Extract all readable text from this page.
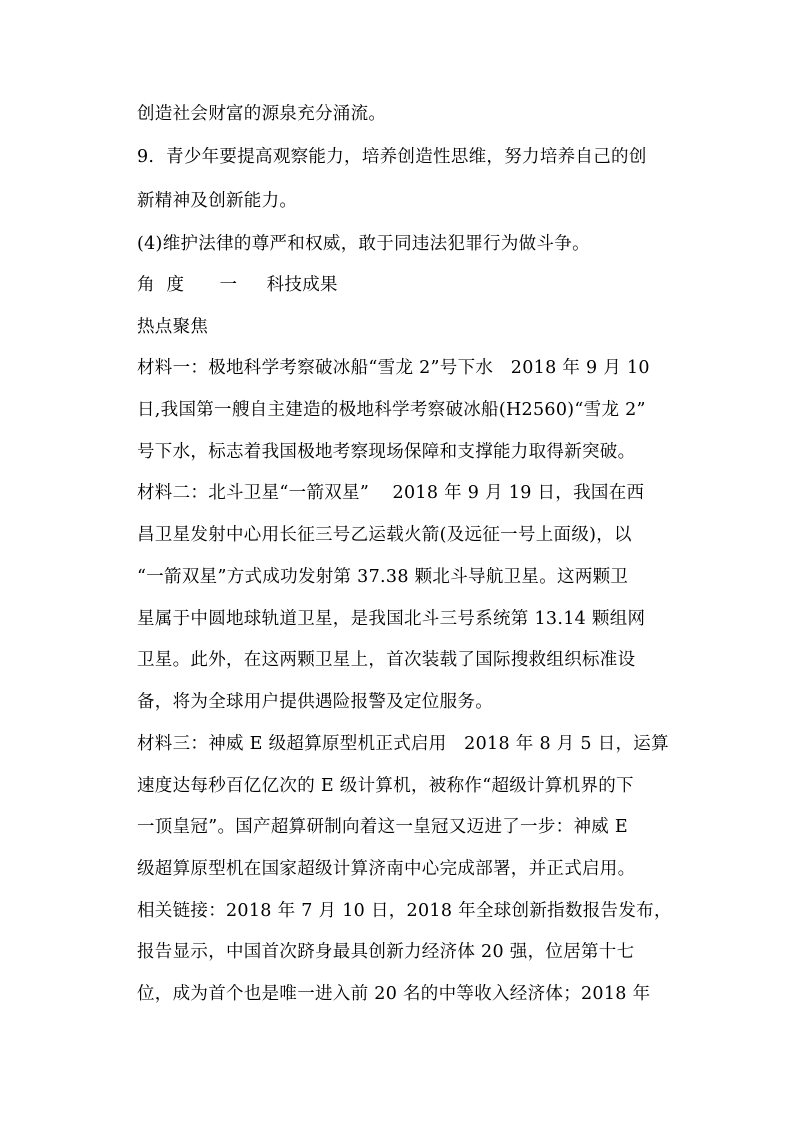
创造社会财富的源泉充分涌流。
9.  青少年要提高观察能力，培养创造性思维，努力培养自己的创
新精神及创新能力。
(4)维护法律的尊严和权威，敢于同违法犯罪行为做斗争。
角  度      一     科技成果
热点聚焦
材料一：极地科学考察破冰船“雪龙 2”号下水   2018 年 9 月 10
日,我国第一艘自主建造的极地科学考察破冰船(H2560)“雪龙 2”
号下水，标志着我国极地考察现场保障和支撑能力取得新突破。
材料二：北斗卫星“一箭双星”    2018 年 9 月 19 日，我国在西
昌卫星发射中心用长征三号乙运载火箭(及远征一号上面级)，以
“一箭双星”方式成功发射第 37.38 颗北斗导航卫星。这两颗卫
星属于中圆地球轨道卫星，是我国北斗三号系统第 13.14 颗组网
卫星。此外，在这两颗卫星上，首次装载了国际搜救组织标准设
备，将为全球用户提供遇险报警及定位服务。
材料三：神威 E 级超算原型机正式启用   2018 年 8 月 5 日，运算
速度达每秒百亿亿次的 E 级计算机，被称作“超级计算机界的下
一顶皇冠”。国产超算研制向着这一皇冠又迈进了一步：神威 E
级超算原型机在国家超级计算济南中心完成部署，并正式启用。
相关链接：2018 年 7 月 10 日，2018 年全球创新指数报告发布，
报告显示，中国首次跻身最具创新力经济体 20 强，位居第十七
位，成为首个也是唯一进入前 20 名的中等收入经济体；2018 年
